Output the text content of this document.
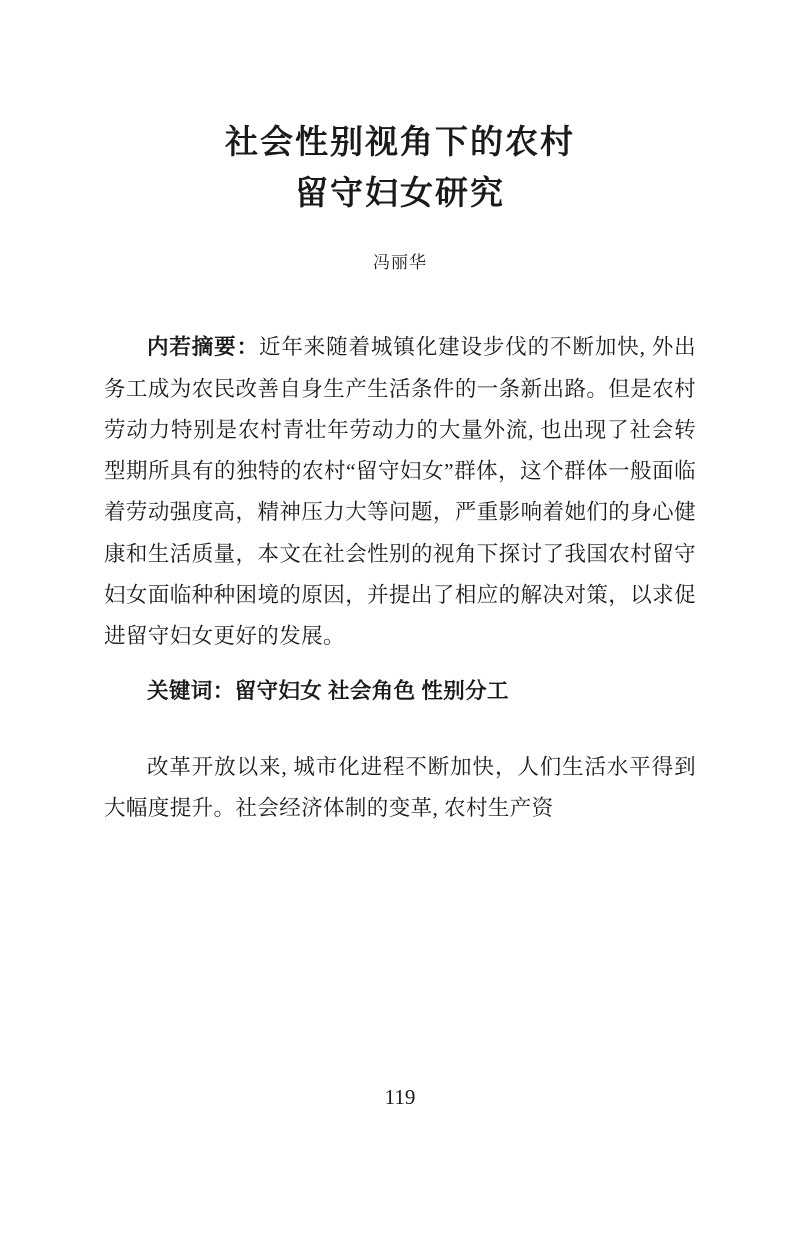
社会性别视角下的农村
留守妇女研究
冯丽华

内若摘要：近年来随着城镇化建设步伐的不断加快, 外出务工成为农民改善自身生产生活条件的一条新出路。但是农村劳动力特别是农村青壮年劳动力的大量外流, 也出现了社会转型期所具有的独特的农村“留守妇女”群体，这个群体一般面临着劳动强度高，精神压力大等问题，严重影响着她们的身心健康和生活质量，本文在社会性别的视角下探讨了我国农村留守妇女面临种种困境的原因，并提出了相应的解决对策，以求促进留守妇女更好的发展。

关键词：留守妇女 社会角色 性别分工

改革开放以来, 城市化进程不断加快，人们生活水平得到大幅度提升。社会经济体制的变革, 农村生产资

119
